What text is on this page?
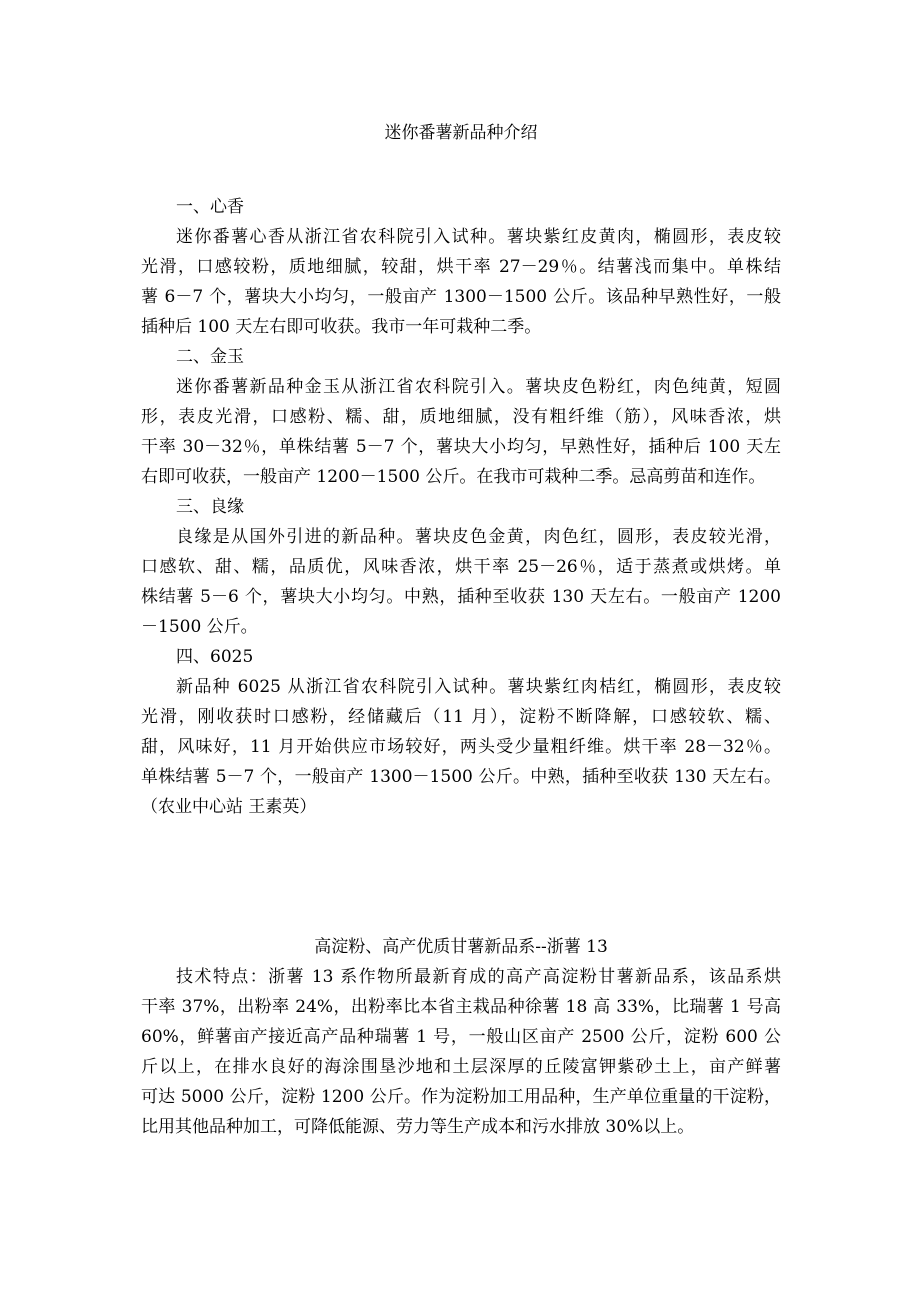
迷你番薯新品种介绍

一、心香

迷你番薯心香从浙江省农科院引入试种。薯块紫红皮黄肉，椭圆形，表皮较
光滑，口感较粉，质地细腻，较甜，烘干率 27－29％。结薯浅而集中。单株结
薯 6－7 个，薯块大小均匀，一般亩产 1300－1500 公斤。该品种早熟性好，一般
插种后 100 天左右即可收获。我市一年可栽种二季。

二、金玉

迷你番薯新品种金玉从浙江省农科院引入。薯块皮色粉红，肉色纯黄，短圆
形，表皮光滑，口感粉、糯、甜，质地细腻，没有粗纤维（筋），风味香浓，烘
干率 30－32％，单株结薯 5－7 个，薯块大小均匀，早熟性好，插种后 100 天左
右即可收获，一般亩产 1200－1500 公斤。在我市可栽种二季。忌高剪苗和连作。

三、良缘

良缘是从国外引进的新品种。薯块皮色金黄，肉色红，圆形，表皮较光滑，
口感软、甜、糯，品质优，风味香浓，烘干率 25－26％，适于蒸煮或烘烤。单
株结薯 5－6 个，薯块大小均匀。中熟，插种至收获 130 天左右。一般亩产 1200
－1500 公斤。

四、6025

新品种 6025 从浙江省农科院引入试种。薯块紫红肉桔红，椭圆形，表皮较
光滑，刚收获时口感粉，经储藏后（11 月），淀粉不断降解，口感较软、糯、
甜，风味好，11 月开始供应市场较好，两头受少量粗纤维。烘干率 28－32％。
单株结薯 5－7 个，一般亩产 1300－1500 公斤。中熟，插种至收获 130 天左右。
（农业中心站 王素英）
高淀粉、高产优质甘薯新品系--浙薯 13
技术特点：浙薯 13 系作物所最新育成的高产高淀粉甘薯新品系，该品系烘
干率 37%，出粉率 24%，出粉率比本省主栽品种徐薯 18 高 33%，比瑞薯 1 号高
60%，鲜薯亩产接近高产品种瑞薯 1 号，一般山区亩产 2500 公斤，淀粉 600 公
斤以上，在排水良好的海涂围垦沙地和土层深厚的丘陵富钾紫砂土上，亩产鲜薯
可达 5000 公斤，淀粉 1200 公斤。作为淀粉加工用品种，生产单位重量的干淀粉，
比用其他品种加工，可降低能源、劳力等生产成本和污水排放 30%以上。
